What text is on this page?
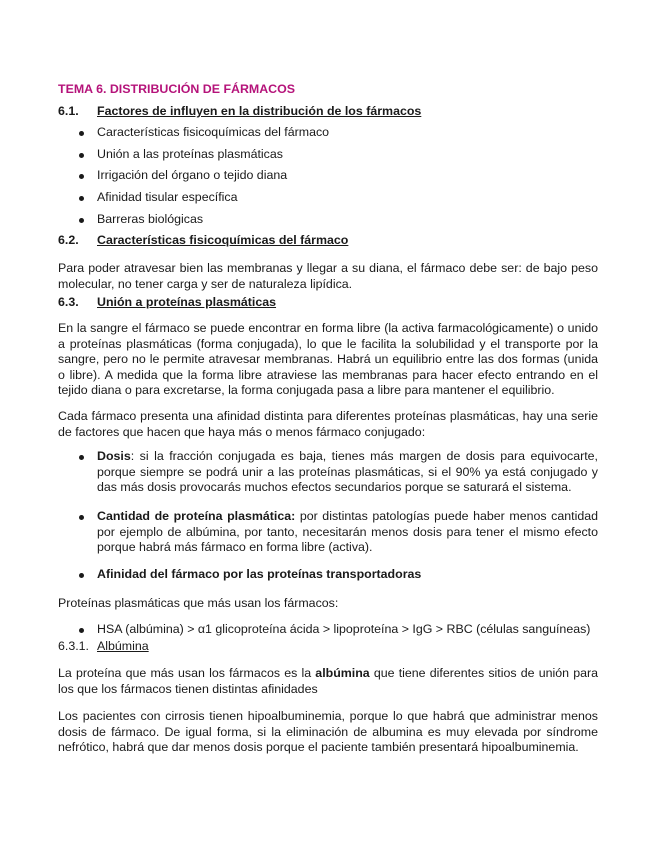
TEMA 6. DISTRIBUCIÓN DE FÁRMACOS
6.1. Factores de influyen en la distribución de los fármacos
Características fisicoquímicas del fármaco
Unión a las proteínas plasmáticas
Irrigación del órgano o tejido diana
Afinidad tisular específica
Barreras biológicas
6.2. Características fisicoquímicas del fármaco
Para poder atravesar bien las membranas y llegar a su diana, el fármaco debe ser: de bajo peso molecular, no tener carga y ser de naturaleza lipídica.
6.3. Unión a proteínas plasmáticas
En la sangre el fármaco se puede encontrar en forma libre (la activa farmacológicamente) o unido a proteínas plasmáticas (forma conjugada), lo que le facilita la solubilidad y el transporte por la sangre, pero no le permite atravesar membranas. Habrá un equilibrio entre las dos formas (unida o libre). A medida que la forma libre atraviese las membranas para hacer efecto entrando en el tejido diana o para excretarse, la forma conjugada pasa a libre para mantener el equilibrio.
Cada fármaco presenta una afinidad distinta para diferentes proteínas plasmáticas, hay una serie de factores que hacen que haya más o menos fármaco conjugado:
Dosis: si la fracción conjugada es baja, tienes más margen de dosis para equivocarte, porque siempre se podrá unir a las proteínas plasmáticas, si el 90% ya está conjugado y das más dosis provocarás muchos efectos secundarios porque se saturará el sistema.
Cantidad de proteína plasmática: por distintas patologías puede haber menos cantidad por ejemplo de albúmina, por tanto, necesitarán menos dosis para tener el mismo efecto porque habrá más fármaco en forma libre (activa).
Afinidad del fármaco por las proteínas transportadoras
Proteínas plasmáticas que más usan los fármacos:
HSA (albúmina) > α1 glicoproteína ácida > lipoproteína > IgG > RBC (células sanguíneas)
6.3.1. Albúmina
La proteína que más usan los fármacos es la albúmina que tiene diferentes sitios de unión para los que los fármacos tienen distintas afinidades
Los pacientes con cirrosis tienen hipoalbuminemia, porque lo que habrá que administrar menos dosis de fármaco. De igual forma, si la eliminación de albumina es muy elevada por síndrome nefrótico, habrá que dar menos dosis porque el paciente también presentará hipoalbuminemia.
